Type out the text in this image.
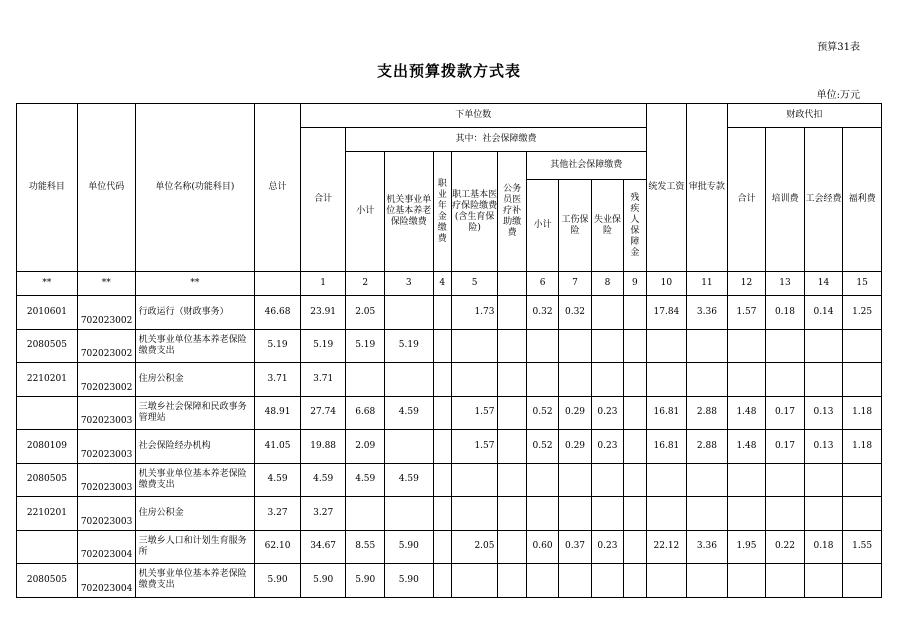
预算31表
支出预算拨款方式表
单位:万元
功能科目	单位代码	单位名称(功能科目)	总计	下单位数										统发工资	审批专款	财政代扣			
				合计	其中：社会保障缴费											合计	培训费	工会经费	福利费
					小计	机关事业单位基本养老保险缴费	职业年金缴费	职工基本医疗保险缴费(含生育保险)	公务员医疗补助缴费	其他社会保障缴费									
										小计	工伤保险	失业保险	残疾人保障金						
**	**	**		1	2	3	4	5		6	7	8	9	10	11	12	13	14	15
2010601	702023002	行政运行（财政事务）	46.68	23.91	2.05			1.73		0.32	0.32			17.84	3.36	1.57	0.18	0.14	1.25
2080505	702023002	机关事业单位基本养老保险缴费支出	5.19	5.19	5.19	5.19													
2210201	702023002	住房公积金	3.71	3.71															
	702023003	三墩乡社会保障和民政事务管理站	48.91	27.74	6.68	4.59		1.57		0.52	0.29	0.23		16.81	2.88	1.48	0.17	0.13	1.18
2080109	702023003	社会保险经办机构	41.05	19.88	2.09			1.57		0.52	0.29	0.23		16.81	2.88	1.48	0.17	0.13	1.18
2080505	702023003	机关事业单位基本养老保险缴费支出	4.59	4.59	4.59	4.59													
2210201	702023003	住房公积金	3.27	3.27															
	702023004	三墩乡人口和计划生育服务所	62.10	34.67	8.55	5.90		2.05		0.60	0.37	0.23		22.12	3.36	1.95	0.22	0.18	1.55
2080505	702023004	机关事业单位基本养老保险缴费支出	5.90	5.90	5.90	5.90													
